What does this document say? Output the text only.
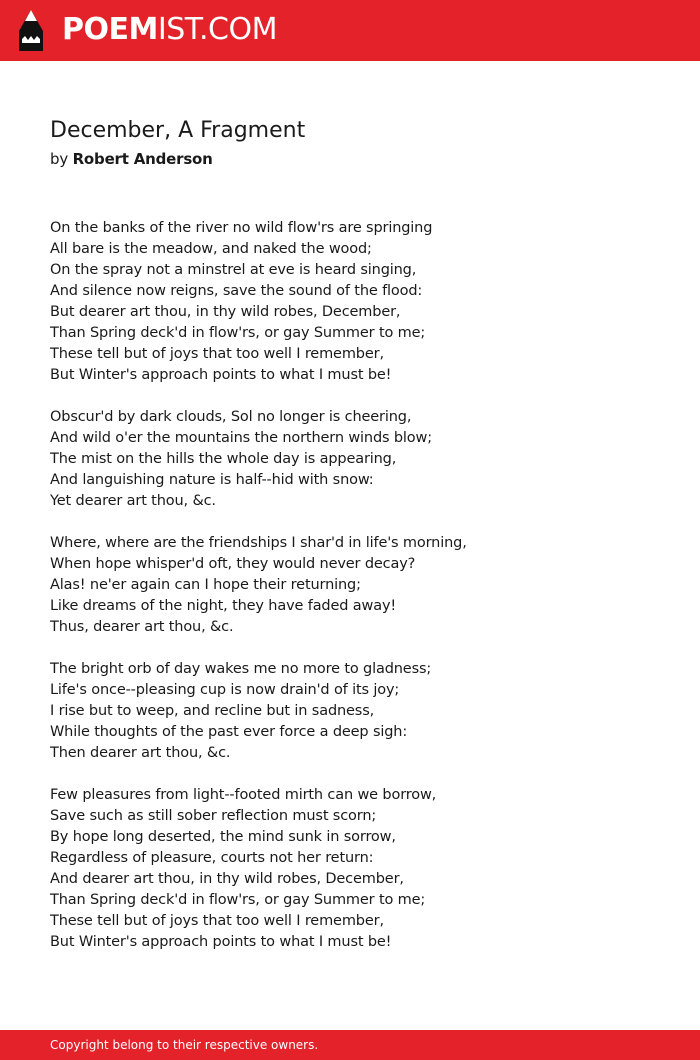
POEMIST.COM
December, A Fragment
by Robert Anderson
On the banks of the river no wild flow'rs are springing
All bare is the meadow, and naked the wood;
On the spray not a minstrel at eve is heard singing,
And silence now reigns, save the sound of the flood:
But dearer art thou, in thy wild robes, December,
Than Spring deck'd in flow'rs, or gay Summer to me;
These tell but of joys that too well I remember,
But Winter's approach points to what I must be!
Obscur'd by dark clouds, Sol no longer is cheering,
And wild o'er the mountains the northern winds blow;
The mist on the hills the whole day is appearing,
And languishing nature is half--hid with snow:
Yet dearer art thou, &c.
Where, where are the friendships I shar'd in life's morning,
When hope whisper'd oft, they would never decay?
Alas! ne'er again can I hope their returning;
Like dreams of the night, they have faded away!
Thus, dearer art thou, &c.
The bright orb of day wakes me no more to gladness;
Life's once--pleasing cup is now drain'd of its joy;
I rise but to weep, and recline but in sadness,
While thoughts of the past ever force a deep sigh:
Then dearer art thou, &c.
Few pleasures from light--footed mirth can we borrow,
Save such as still sober reflection must scorn;
By hope long deserted, the mind sunk in sorrow,
Regardless of pleasure, courts not her return:
And dearer art thou, in thy wild robes, December,
Than Spring deck'd in flow'rs, or gay Summer to me;
These tell but of joys that too well I remember,
But Winter's approach points to what I must be!
Copyright belong to their respective owners.
